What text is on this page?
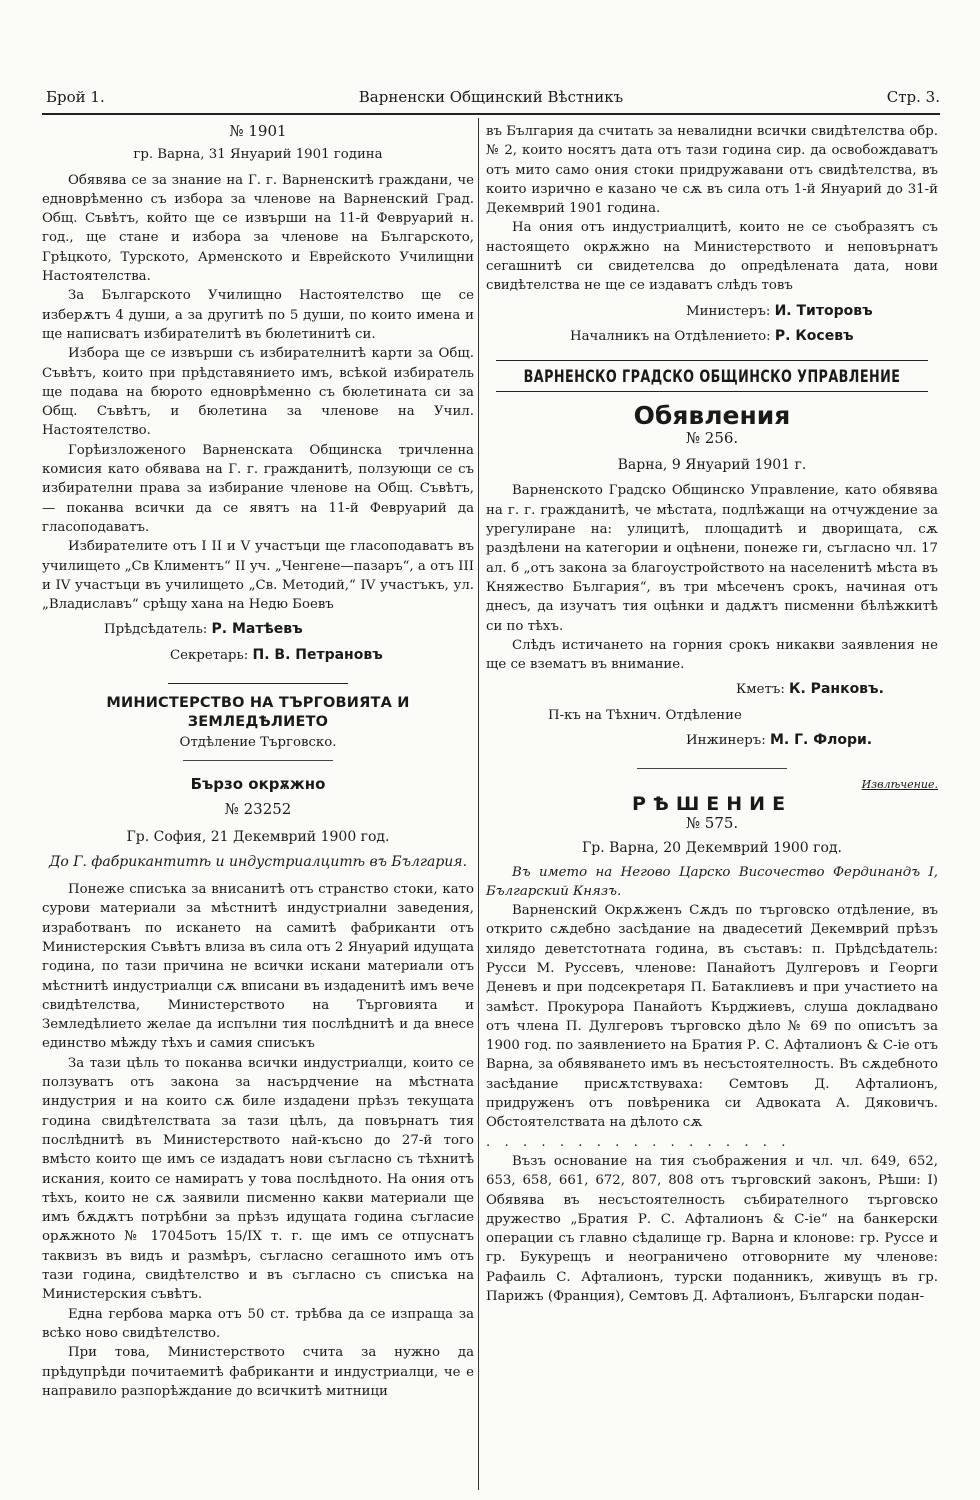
Брой 1.	Варненски Общинский Вѣстникъ	Стр. 3.

№ 1901

гр. Варна, 31 Януарий 1901 година

Обявява се за знание на Г. г. Варненскитѣ граждани, че едноврѣменно съ избора за членове на Варненский Град. Общ. Съвѣтъ, който ще се извърши на 11-й Февруарий н. год., ще стане и избора за членове на Българското, Грѣцкото, Турското, Арменското и Еврейското Училищни Настоятелства.

За Българското Училищно Настоятелство ще се изберѫтъ 4 души, а за другитѣ по 5 души, по които имена и ще написватъ избирателитѣ въ бюлетинитѣ си.

Избора ще се извърши съ избирателнитѣ карти за Общ. Съвѣтъ, които при прѣдставянието имъ, всѣкой избиратель ще подава на бюрото едноврѣменно съ бюлетината си за Общ. Съвѣтъ, и бюлетина за членове на Учил. Настоятелство.

Горѣизложеного Варненската Общинска тричленна комисия като обявава на Г. г. гражданитѣ, ползующи се съ избирателни права за избирание членове на Общ. Съвѣтъ, — поканва всички да се явятъ на 11-й Февруарий да гласоподаватъ.

Избирателите отъ I II и V участъци ще гласоподаватъ въ училището „Св Климентъ“ II уч. „Ченгене—пазаръ“, а отъ III и IV участъци въ училището „Св. Методий,“ IV участъкъ, ул. „Владиславъ“ срѣщу хана на Недю Боевъ

Прѣдсѣдатель: Р. Матѣевъ

Секретарь: П. В. Петрановъ

МИНИСТЕРСТВО НА ТЪРГОВИЯТА И ЗЕМЛЕДѢЛИЕТО

Отдѣление Търговско.

Бързо окрѫжно

№ 23252

Гр. София, 21 Декемврий 1900 год.

До Г. фабрикантитѣ и индустриалцитѣ въ България.

Понеже списъка за внисанитѣ отъ странство стоки, като сурови материали за мѣстнитѣ индустриални заведения, изработванъ по искането на самитѣ фабриканти отъ Министерския Съвѣтъ влиза въ сила отъ 2 Януарий идущата година, по тази причина не всички искани материали отъ мѣстнитѣ индустриалци сѫ вписани въ издаденитѣ имъ вече свидѣтелства, Министерството на Търговията и Земледѣлието желае да испълни тия послѣднитѣ и да внесе единство мѣжду тѣхъ и самия списъкъ

За тази цѣль то поканва всички индустриалци, които се ползуватъ отъ закона за насърдчение на мѣстната индустрия и на които сѫ биле издадени прѣзъ текущата година свидѣтелствата за тази цѣлъ, да повърнатъ тия послѣднитѣ въ Министерството най-късно до 27-й того вмѣсто които ще имъ се издадатъ нови съгласно съ тѣхнитѣ искания, които се намиратъ у това послѣдното. На ония отъ тѣхъ, които не сѫ заявили писменно какви материали ще имъ бѫдѫтъ потрѣбни за прѣзъ идущата година съгласие орѫжното № 17045отъ 15/IX т. г. ще имъ се отпуснатъ таквизъ въ видъ и размѣръ, съгласно сегашното имъ отъ тази година, свидѣтелство и въ съгласно съ списъка на Министерския съвѣтъ.

Една гербова марка отъ 50 ст. трѣбва да се изпраща за всѣко ново свидѣтелство.

При това, Министерството счита за нужно да прѣдупрѣди почитаемитѣ фабриканти и индустриалци, че е направило разпорѣждание до всичкитѣ митници

въ България да считать за невалидни всички свидѣтелства обр. № 2, които носятъ дата отъ тази година сир. да освобождаватъ отъ мито само ония стоки придружавани отъ свидѣтелства, въ които изрично е казано че сѫ въ сила отъ 1-й Януарий до 31-й Декемврий 1901 година.

На ония отъ индустриалцитѣ, които не се съобразятъ съ настоящето окрѫжно на Министерството и неповърнатъ сегашнитѣ си свидетелсва до опредѣлената дата, нови свидѣтелства не ще се издаватъ слѣдъ товъ

Министеръ: И. Титоровъ

Началникъ на Отдѣлението: Р. Косевъ

ВАРНЕНСКО ГРАДСКО ОБЩИНСКО УПРАВЛЕНИЕ

Обявления

№ 256.

Варна, 9 Януарий 1901 г.

Варненското Градско Общинско Управление, като обявява на г. г. гражданитѣ, че мѣстата, подлѣжащи на отчуждение за урегулиране на: улицитѣ, площадитѣ и дворищата, сѫ раздѣлени на категории и оцѣнени, понеже ги, съгласно чл. 17 ал. б „отъ закона за благоустройството на населенитѣ мѣста въ Княжество България“, въ три мѣсеченъ срокъ, начиная отъ днесъ, да изучатъ тия оцѣнки и дадѫтъ писменни бѣлѣжкитѣ си по тѣхъ.

Слѣдъ истичането на горния срокъ никакви заявления не ще се взематъ въ внимание.

Кметъ: К. Ранковъ.

П-къ на Тѣхнич. Отдѣление

Инжинеръ: М. Г. Флори.

Извлѣчение.

РѢШЕНИЕ

№ 575.

Гр. Варна, 20 Декемврий 1900 год.

Въ името на Негово Царско Височество Фердинандъ I, Българский Князъ.

Варненский Окрѫженъ Сѫдъ по търговско отдѣление, въ открито сѫдебно засѣдание на двадесетий Декемврий прѣзъ хилядо деветстотната година, въ съставъ: п. Прѣдсѣдатель: Русси М. Руссевъ, членове: Панайотъ Дулгеровъ и Георги Деневъ и при подсекретаря П. Батаклиевъ и при участието на замѣст. Прокурора Панайотъ Кърджиевъ, слуша докладвано отъ члена П. Дулгеровъ търговско дѣло № 69 по описътъ за 1900 год. по заявлението на Братия Р. С. Афталионъ & С-іе отъ Варна, за обявяването имъ въ несъстоятелность. Въ сѫдебното засѣдание присѫтствувахa: Семтовъ Д. Афталионъ, придруженъ отъ повѣреника си Адвоката А. Дяковичъ. Обстоятелствата на дѣлото сѫ

. . . . . . . . . . . . . . . . .

Възъ основание на тия съображения и чл. чл. 649, 652, 653, 658, 661, 672, 807, 808 отъ търговский законъ, Рѣши: I) Обявява въ несъстоятелность събирателного търговско дружество „Братия Р. С. Афталионъ & С-іе“ на банкерски операции съ главно сѣдалище гр. Варна и клонове: гр. Руссе и гр. Букурещъ и неограничено отговорните му членове: Рафаиль С. Афталионъ, турски поданникъ, живущъ въ гр. Парижъ (Франция), Семтовъ Д. Афталионъ, Български подан-
